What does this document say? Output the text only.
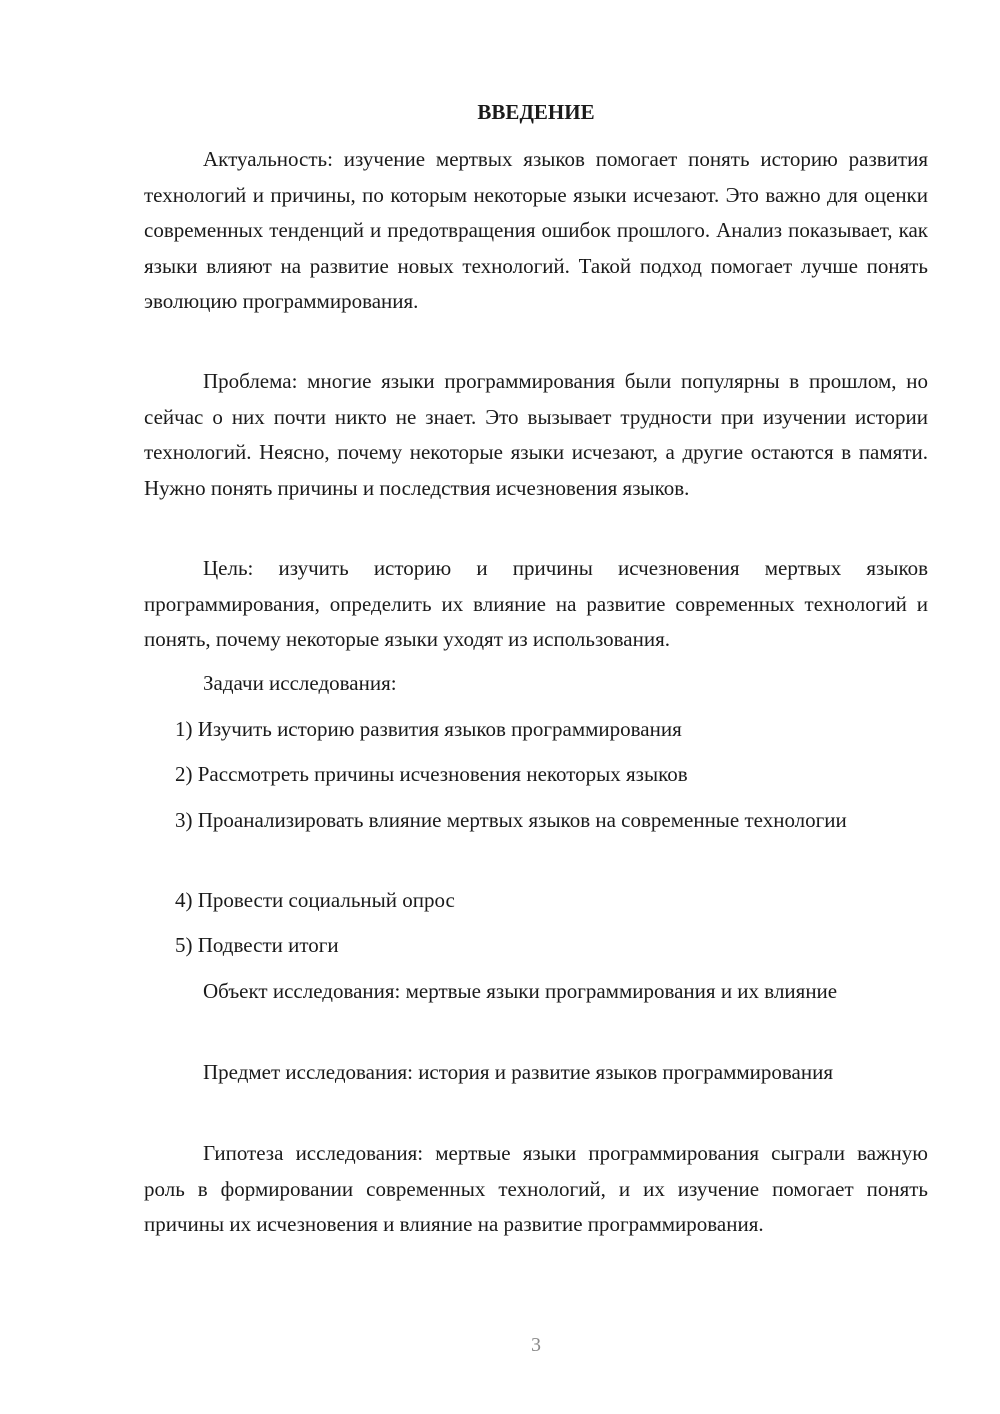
ВВЕДЕНИЕ

Актуальность: изучение мертвых языков помогает понять историю развития технологий и причины, по которым некоторые языки исчезают. Это важно для оценки современных тенденций и предотвращения ошибок прошлого. Анализ показывает, как языки влияют на развитие новых технологий. Такой подход помогает лучше понять эволюцию программирования.

Проблема: многие языки программирования были популярны в прошлом, но сейчас о них почти никто не знает. Это вызывает трудности при изучении истории технологий. Неясно, почему некоторые языки исчезают, а другие остаются в памяти. Нужно понять причины и последствия исчезновения языков.

Цель: изучить историю и причины исчезновения мертвых языков программирования, определить их влияние на развитие современных технологий и понять, почему некоторые языки уходят из использования.

Задачи исследования:

1) Изучить историю развития языков программирования

2) Рассмотреть причины исчезновения некоторых языков

3) Проанализировать влияние мертвых языков на современные технологии

4) Провести социальный опрос

5) Подвести итоги

Объект исследования: мертвые языки программирования и их влияние

Предмет исследования: история и развитие языков программирования

Гипотеза исследования: мертвые языки программирования сыграли важную роль в формировании современных технологий, и их изучение помогает понять причины их исчезновения и влияние на развитие программирования.

3
